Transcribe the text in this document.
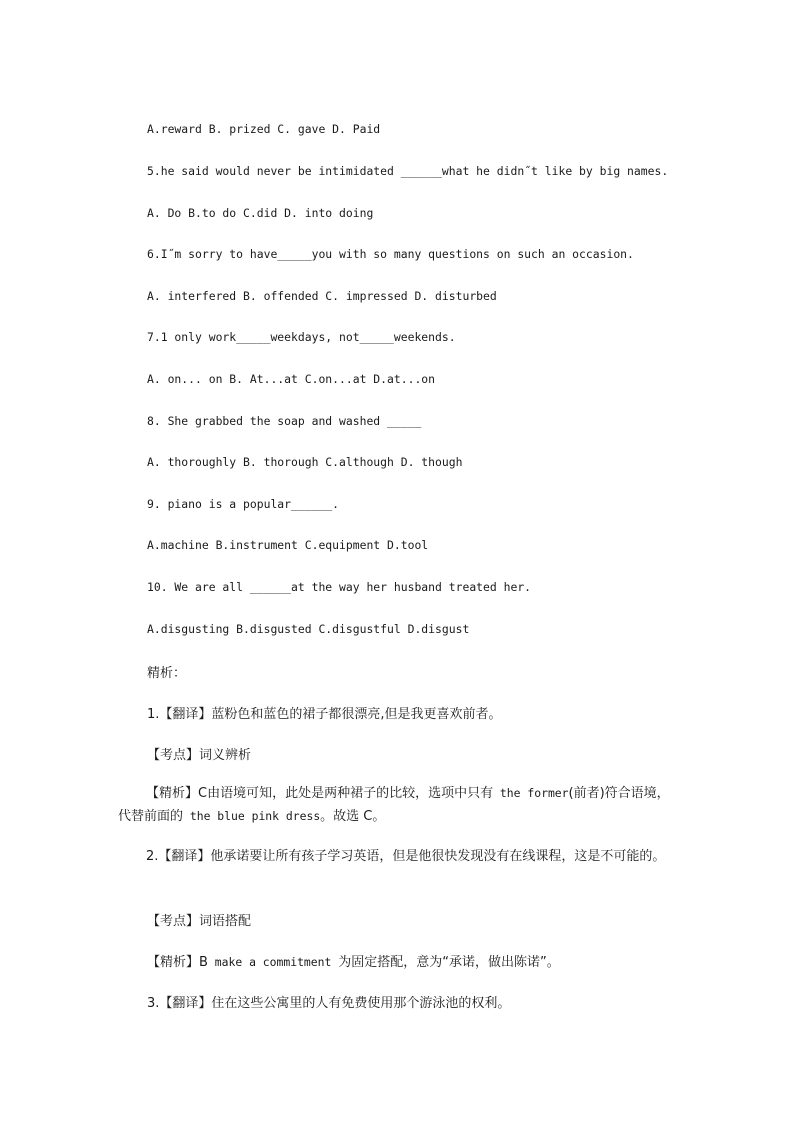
A.reward B. prized C. gave D. Paid
5.he said would never be intimidated ______what he didn˝t like by big names.
A. Do B.to do C.did D. into doing
6.I˝m sorry to have_____you with so many questions on such an occasion.
A. interfered B. offended C. impressed D. disturbed
7.1 only work_____weekdays, not_____weekends.
A. on... on B. At...at C.on...at D.at...on
8. She grabbed the soap and washed _____
A. thoroughly B. thorough C.although D. though
9. piano is a popular______.
A.machine B.instrument C.equipment D.tool
10. We are all ______at the way her husband treated her.
A.disgusting B.disgusted C.disgustful D.disgust
精析：
1.【翻译】蓝粉色和蓝色的裙子都很漂亮,但是我更喜欢前者。
【考点】词义辨析
【精析】C由语境可知，此处是两种裙子的比较，选项中只有 the former(前者)符合语境，代替前面的 the blue pink dress。故选 C。
2.【翻译】他承诺要让所有孩子学习英语，但是他很快发现没有在线课程，这是不可能的。
【考点】词语搭配
【精析】B make a commitment 为固定搭配，意为“承诺，做出陈诺”。
3.【翻译】住在这些公寓里的人有免费使用那个游泳池的权利。
